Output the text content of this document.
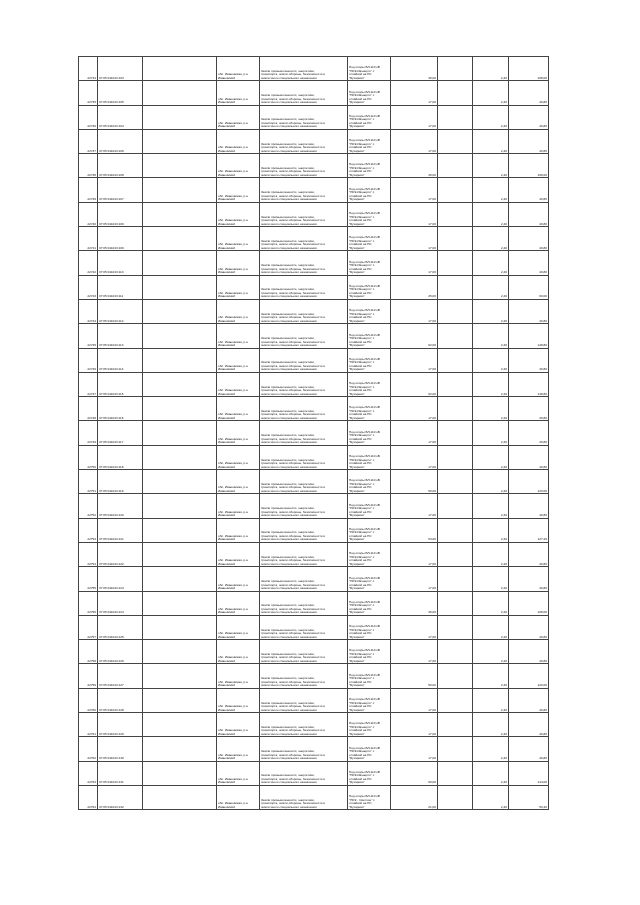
22734	37:05:011043:103		обл. Ивановская, р-н
Ивановский	Земли промышленности, энергетики,
транспорта, земли обороны, безопасности и
земли иного специального назначения	Под опоры ВЛ-110 кВ
"ПКЭ-Ивэнерго" с
отпайкой на ПС
"Бухарево"	45,00		2,40	108,00
22735	37:05:011043:105		обл. Ивановская, р-н
Ивановский	Земли промышленности, энергетики,
транспорта, земли обороны, безопасности и
земли иного специального назначения	Под опоры ВЛ-110 кВ
"ПКЭ-Ивэнерго" с
отпайкой на ПС
"Бухарево"	17,00		2,40	40,80
22736	37:05:011043:104		обл. Ивановская, р-н
Ивановский	Земли промышленности, энергетики,
транспорта, земли обороны, безопасности и
земли иного специального назначения	Под опоры ВЛ-110 кВ
"ПКЭ-Ивэнерго" с
отпайкой на ПС
"Бухарево"	17,00		2,40	40,80
22737	37:05:011043:106		обл. Ивановская, р-н
Ивановский	Земли промышленности, энергетики,
транспорта, земли обороны, безопасности и
земли иного специального назначения	Под опоры ВЛ-110 кВ
"ПКЭ-Ивэнерго" с
отпайкой на ПС
"Бухарево"	17,00		2,40	40,80
22738	37:05:011043:108		обл. Ивановская, р-н
Ивановский	Земли промышленности, энергетики,
транспорта, земли обороны, безопасности и
земли иного специального назначения	Под опоры ВЛ-110 кВ
"ПКЭ-Ивэнерго" с
отпайкой на ПС
"Бухарево"	45,00		2,40	108,00
22739	37:05:011043:107		обл. Ивановская, р-н
Ивановский	Земли промышленности, энергетики,
транспорта, земли обороны, безопасности и
земли иного специального назначения	Под опоры ВЛ-110 кВ
"ПКЭ-Ивэнерго" с
отпайкой на ПС
"Бухарево"	17,00		2,40	40,80
22740	37:05:011043:109		обл. Ивановская, р-н
Ивановский	Земли промышленности, энергетики,
транспорта, земли обороны, безопасности и
земли иного специального назначения	Под опоры ВЛ-110 кВ
"ПКЭ-Ивэнерго" с
отпайкой на ПС
"Бухарево"	17,00		2,40	40,80
22741	37:05:011043:109		обл. Ивановская, р-н
Ивановский	Земли промышленности, энергетики,
транспорта, земли обороны, безопасности и
земли иного специального назначения	Под опоры ВЛ-110 кВ
"ПКЭ-Ивэнерго" с
отпайкой на ПС
"Бухарево"	17,00		2,40	40,80
22742	37:05:011043:110		обл. Ивановская, р-н
Ивановский	Земли промышленности, энергетики,
транспорта, земли обороны, безопасности и
земли иного специального назначения	Под опоры ВЛ-110 кВ
"ПКЭ-Ивэнерго" с
отпайкой на ПС
"Бухарево"	17,00		2,40	40,80
22743	37:05:011043:111		обл. Ивановская, р-н
Ивановский	Земли промышленности, энергетики,
транспорта, земли обороны, безопасности и
земли иного специального назначения	Под опоры ВЛ-110 кВ
"ПКЭ-Ивэнерго" с
отпайкой на ПС
"Бухарево"	25,00		2,40	60,00
22744	37:05:011043:112		обл. Ивановская, р-н
Ивановский	Земли промышленности, энергетики,
транспорта, земли обороны, безопасности и
земли иного специального назначения	Под опоры ВЛ-110 кВ
"ПКЭ-Ивэнерго" с
отпайкой на ПС
"Бухарево"	17,00		2,40	40,80
22745	37:05:011043:113		обл. Ивановская, р-н
Ивановский	Земли промышленности, энергетики,
транспорта, земли обороны, безопасности и
земли иного специального назначения	Под опоры ВЛ-110 кВ
"ПКЭ-Ивэнерго" с
отпайкой на ПС
"Бухарево"	62,00		2,40	148,80
22746	37:05:011043:114		обл. Ивановская, р-н
Ивановский	Земли промышленности, энергетики,
транспорта, земли обороны, безопасности и
земли иного специального назначения	Под опоры ВЛ-110 кВ
"ПКЭ-Ивэнерго" с
отпайкой на ПС
"Бухарево"	17,00		2,40	40,80
22747	37:05:011043:115		обл. Ивановская, р-н
Ивановский	Земли промышленности, энергетики,
транспорта, земли обороны, безопасности и
земли иного специального назначения	Под опоры ВЛ-110 кВ
"ПКЭ-Ивэнерго" с
отпайкой на ПС
"Бухарево"	62,00		2,40	148,80
22748	37:05:011043:116		обл. Ивановская, р-н
Ивановский	Земли промышленности, энергетики,
транспорта, земли обороны, безопасности и
земли иного специального назначения	Под опоры ВЛ-110 кВ
"ПКЭ-Ивэнерго" с
отпайкой на ПС
"Бухарево"	17,00		2,40	40,80
22749	37:05:011043:117		обл. Ивановская, р-н
Ивановский	Земли промышленности, энергетики,
транспорта, земли обороны, безопасности и
земли иного специального назначения	Под опоры ВЛ-110 кВ
"ПКЭ-Ивэнерго" с
отпайкой на ПС
"Бухарево"	17,00		2,40	40,80
22750	37:05:011043:118		обл. Ивановская, р-н
Ивановский	Земли промышленности, энергетики,
транспорта, земли обороны, безопасности и
земли иного специального назначения	Под опоры ВЛ-110 кВ
"ПКЭ-Ивэнерго" с
отпайкой на ПС
"Бухарево"	17,00		2,40	40,80
22751	37:05:011043:119		обл. Ивановская, р-н
Ивановский	Земли промышленности, энергетики,
транспорта, земли обороны, безопасности и
земли иного специального назначения	Под опоры ВЛ-110 кВ
"ПКЭ-Ивэнерго" с
отпайкой на ПС
"Бухарево"	50,00		2,40	120,00
22752	37:05:011043:120		обл. Ивановская, р-н
Ивановский	Земли промышленности, энергетики,
транспорта, земли обороны, безопасности и
земли иного специального назначения	Под опоры ВЛ-110 кВ
"ПКЭ-Ивэнерго" с
отпайкой на ПС
"Бухарево"	17,00		2,40	40,80
22753	37:05:011043:121		обл. Ивановская, р-н
Ивановский	Земли промышленности, энергетики,
транспорта, земли обороны, безопасности и
земли иного специального назначения	Под опоры ВЛ-110 кВ
"ПКЭ-Ивэнерго" с
отпайкой на ПС
"Бухарево"	53,00		2,40	127,20
22754	37:05:011043:122		обл. Ивановская, р-н
Ивановский	Земли промышленности, энергетики,
транспорта, земли обороны, безопасности и
земли иного специального назначения	Под опоры ВЛ-110 кВ
"ПКЭ-Ивэнерго" с
отпайкой на ПС
"Бухарево"	17,00		2,40	40,80
22755	37:05:011043:123		обл. Ивановская, р-н
Ивановский	Земли промышленности, энергетики,
транспорта, земли обороны, безопасности и
земли иного специального назначения	Под опоры ВЛ-110 кВ
"ПКЭ-Ивэнерго" с
отпайкой на ПС
"Бухарево"	17,00		2,40	40,80
22756	37:05:011043:124		обл. Ивановская, р-н
Ивановский	Земли промышленности, энергетики,
транспорта, земли обороны, безопасности и
земли иного специального назначения	Под опоры ВЛ-110 кВ
"ПКЭ-Ивэнерго" с
отпайкой на ПС
"Бухарево"	45,00		2,40	108,00
22757	37:05:011043:125		обл. Ивановская, р-н
Ивановский	Земли промышленности, энергетики,
транспорта, земли обороны, безопасности и
земли иного специального назначения	Под опоры ВЛ-110 кВ
"ПКЭ-Ивэнерго" с
отпайкой на ПС
"Бухарево"	17,00		2,40	40,80
22758	37:05:011043:126		обл. Ивановская, р-н
Ивановский	Земли промышленности, энергетики,
транспорта, земли обороны, безопасности и
земли иного специального назначения	Под опоры ВЛ-110 кВ
"ПКЭ-Ивэнерго" с
отпайкой на ПС
"Бухарево"	17,00		2,40	40,80
22759	37:05:011043:127		обл. Ивановская, р-н
Ивановский	Земли промышленности, энергетики,
транспорта, земли обороны, безопасности и
земли иного специального назначения	Под опоры ВЛ-110 кВ
"ПКЭ-Ивэнерго" с
отпайкой на ПС
"Бухарево"	50,00		2,40	120,00
22760	37:05:011043:128		обл. Ивановская, р-н
Ивановский	Земли промышленности, энергетики,
транспорта, земли обороны, безопасности и
земли иного специального назначения	Под опоры ВЛ-110 кВ
"ПКЭ-Ивэнерго" с
отпайкой на ПС
"Бухарево"	17,00		2,40	40,80
22761	37:05:011043:129		обл. Ивановская, р-н
Ивановский	Земли промышленности, энергетики,
транспорта, земли обороны, безопасности и
земли иного специального назначения	Под опоры ВЛ-110 кВ
"ПКЭ-Ивэнерго" с
отпайкой на ПС
"Бухарево"	17,00		2,40	40,80
22762	37:05:011043:130		обл. Ивановская, р-н
Ивановский	Земли промышленности, энергетики,
транспорта, земли обороны, безопасности и
земли иного специального назначения	Под опоры ВЛ-110 кВ
"ПКЭ-Ивэнерго" с
отпайкой на ПС
"Бухарево"	17,00		2,40	40,80
22763	37:05:011043:131		обл. Ивановская, р-н
Ивановский	Земли промышленности, энергетики,
транспорта, земли обороны, безопасности и
земли иного специального назначения	Под опоры ВЛ-110 кВ
"ПКЭ-Ивэнерго" с
отпайкой на ПС
"Бухарево"	60,00		2,40	144,00
22764	37:05:011043:132		обл. Ивановская, р-н
Ивановский	Земли промышленности, энергетики,
транспорта, земли обороны, безопасности и
земли иного специального назначения	Под опоры ВЛ-110 кВ
"ПКЭ - Светлое" с
отпайкой на ПС
"Бухарево"	21,00		2,40	50,40
